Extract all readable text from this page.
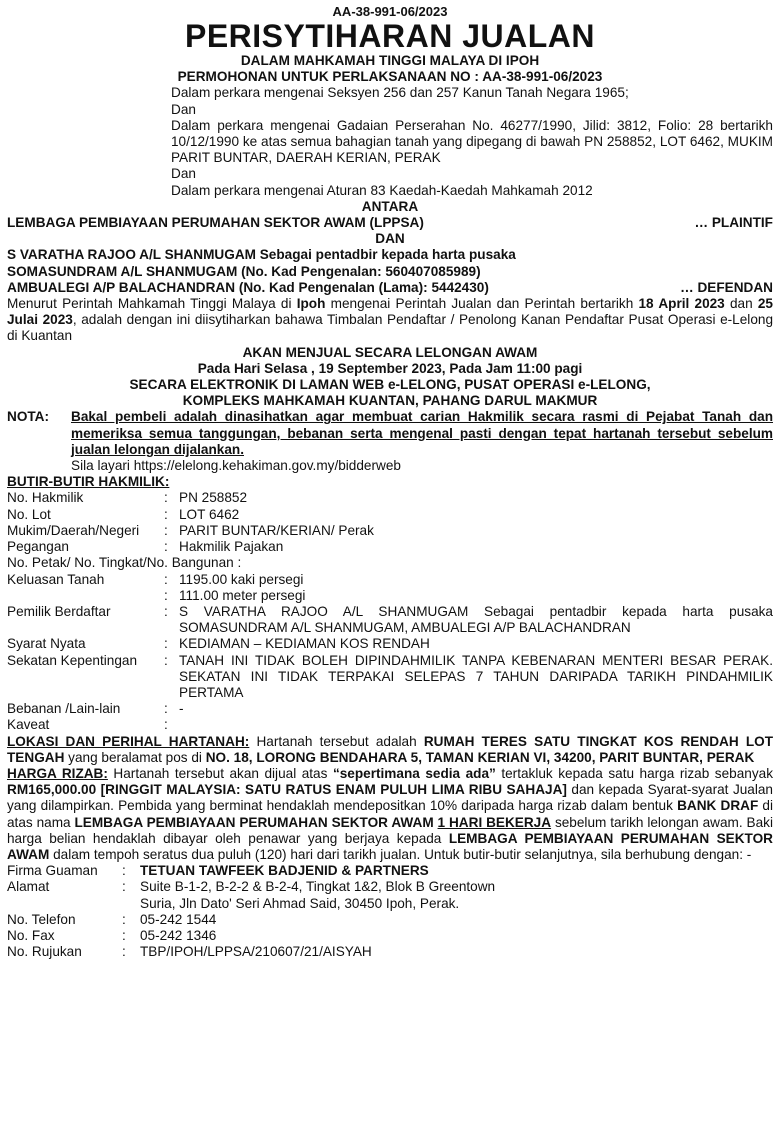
AA-38-991-06/2023
PERISYTIHARAN JUALAN
DALAM MAHKAMAH TINGGI MALAYA DI IPOH
PERMOHONAN UNTUK PERLAKSANAAN NO : AA-38-991-06/2023
Dalam perkara mengenai Seksyen 256 dan 257 Kanun Tanah Negara 1965;
Dan
Dalam perkara mengenai Gadaian Perserahan No. 46277/1990, Jilid: 3812, Folio: 28 bertarikh 10/12/1990 ke atas semua bahagian tanah yang dipegang di bawah PN 258852, LOT 6462, MUKIM PARIT BUNTAR, DAERAH KERIAN, PERAK
Dan
Dalam perkara mengenai Aturan 83 Kaedah-Kaedah Mahkamah 2012
ANTARA
LEMBAGA PEMBIAYAAN PERUMAHAN SEKTOR AWAM (LPPSA)	… PLAINTIF
DAN
S VARATHA RAJOO A/L SHANMUGAM Sebagai pentadbir kepada harta pusaka
SOMASUNDRAM A/L SHANMUGAM (No. Kad Pengenalan: 560407085989)
AMBUALEGI A/P BALACHANDRAN (No. Kad Pengenalan (Lama): 5442430)	… DEFENDAN
Menurut Perintah Mahkamah Tinggi Malaya di Ipoh mengenai Perintah Jualan dan Perintah bertarikh 18 April 2023 dan 25 Julai 2023, adalah dengan ini diisytiharkan bahawa Timbalan Pendaftar / Penolong Kanan Pendaftar Pusat Operasi e-Lelong di Kuantan
AKAN MENJUAL SECARA LELONGAN AWAM
Pada Hari Selasa , 19 September 2023, Pada Jam 11:00 pagi
SECARA ELEKTRONIK DI LAMAN WEB e-LELONG, PUSAT OPERASI e-LELONG,
KOMPLEKS MAHKAMAH KUANTAN, PAHANG DARUL MAKMUR
NOTA:	Bakal pembeli adalah dinasihatkan agar membuat carian Hakmilik secara rasmi di Pejabat Tanah dan memeriksa semua tanggungan, bebanan serta mengenal pasti dengan tepat hartanah tersebut sebelum jualan lelongan dijalankan.
Sila layari https://elelong.kehakiman.gov.my/bidderweb
BUTIR-BUTIR HAKMILIK:
No. Hakmilik	: PN 258852
No. Lot	: LOT 6462
Mukim/Daerah/Negeri	: PARIT BUNTAR/KERIAN/ Perak
Pegangan	: Hakmilik Pajakan
No. Petak/ No. Tingkat/No. Bangunan :
Keluasan Tanah	: 1195.00 kaki persegi
: 111.00 meter persegi
Pemilik Berdaftar	: S VARATHA RAJOO A/L SHANMUGAM Sebagai pentadbir kepada harta pusaka SOMASUNDRAM A/L SHANMUGAM, AMBUALEGI A/P BALACHANDRAN
Syarat Nyata	: KEDIAMAN – KEDIAMAN KOS RENDAH
Sekatan Kepentingan	: TANAH INI TIDAK BOLEH DIPINDAHMILIK TANPA KEBENARAN MENTERI BESAR PERAK. SEKATAN INI TIDAK TERPAKAI SELEPAS 7 TAHUN DARIPADA TARIKH PINDAHMILIK PERTAMA
Bebanan /Lain-lain	: -
Kaveat	:
LOKASI DAN PERIHAL HARTANAH: Hartanah tersebut adalah RUMAH TERES SATU TINGKAT KOS RENDAH LOT TENGAH yang beralamat pos di NO. 18, LORONG BENDAHARA 5, TAMAN KERIAN VI, 34200, PARIT BUNTAR, PERAK
HARGA RIZAB: Hartanah tersebut akan dijual atas “sepertimana sedia ada” tertakluk kepada satu harga rizab sebanyak RM165,000.00 [RINGGIT MALAYSIA: SATU RATUS ENAM PULUH LIMA RIBU SAHAJA] dan kepada Syarat-syarat Jualan yang dilampirkan. Pembida yang berminat hendaklah mendepositkan 10% daripada harga rizab dalam bentuk BANK DRAF di atas nama LEMBAGA PEMBIAYAAN PERUMAHAN SEKTOR AWAM 1 HARI BEKERJA sebelum tarikh lelongan awam. Baki harga belian hendaklah dibayar oleh penawar yang berjaya kepada LEMBAGA PEMBIAYAAN PERUMAHAN SEKTOR AWAM dalam tempoh seratus dua puluh (120) hari dari tarikh jualan. Untuk butir-butir selanjutnya, sila berhubung dengan: -
Firma Guaman	:	TETUAN TAWFEEK BADJENID & PARTNERS
Alamat	:	Suite B-1-2, B-2-2 & B-2-4, Tingkat 1&2, Blok B Greentown
Suria, Jln Dato' Seri Ahmad Said, 30450 Ipoh, Perak.
No. Telefon	:	05-242 1544
No. Fax	:	05-242 1346
No. Rujukan	:	TBP/IPOH/LPPSA/210607/21/AISYAH
